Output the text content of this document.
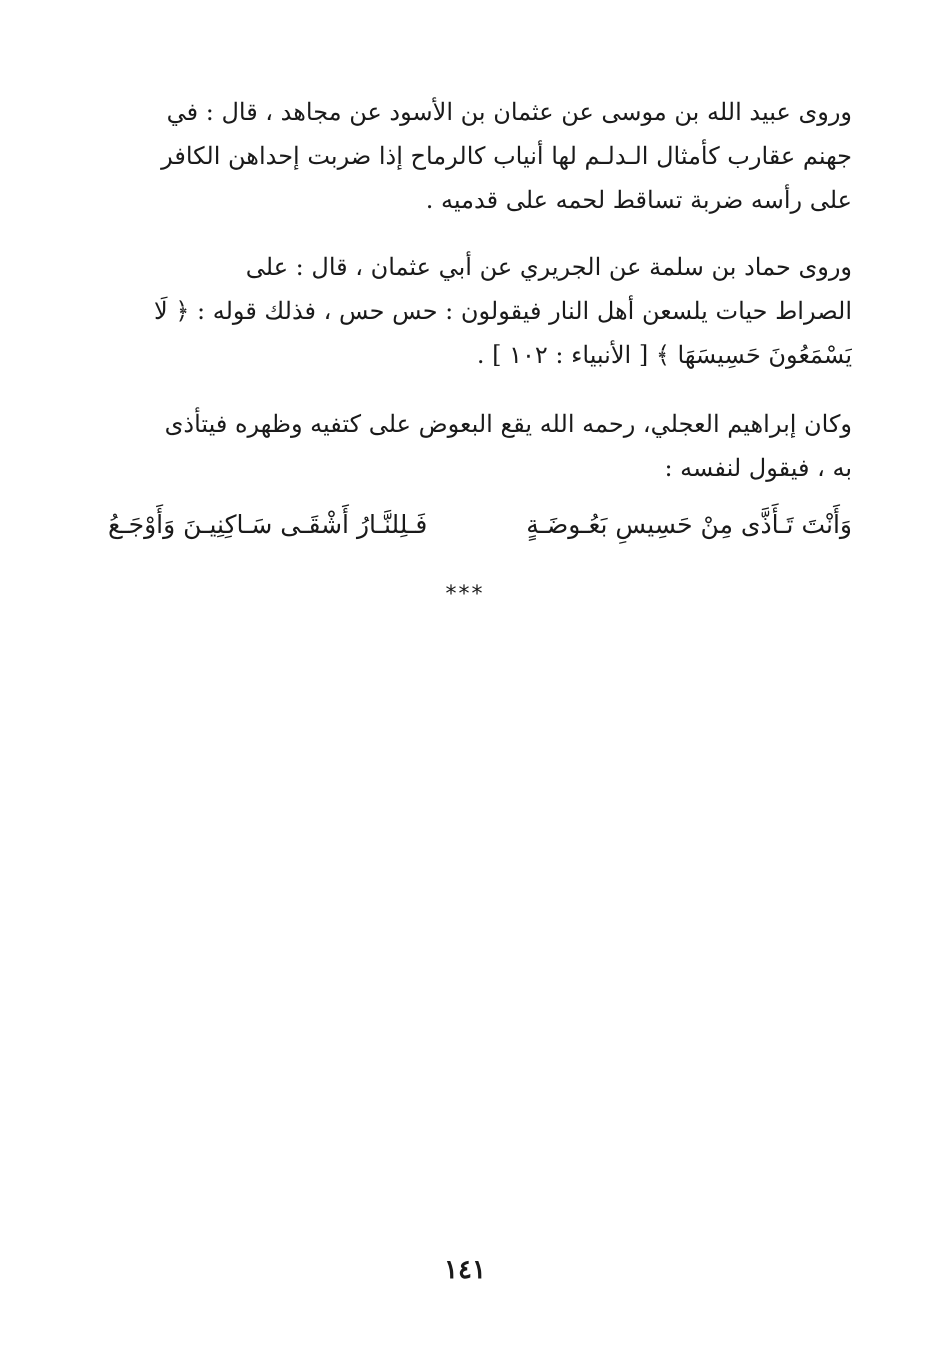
وروى عبيد الله بن موسى عن عثمان بن الأسود عن مجاهد ، قال : في
جهنم عقارب كأمثال الـدلـم لها أنياب كالرماح إذا ضربت إحداهن الكافر
على رأسه ضربة تساقط لحمه على قدميه .
وروى حماد بن سلمة عن الجريري عن أبي عثمان ، قال : على
الصراط حيات يلسعن أهل النار فيقولون : حس حس ، فذلك قوله : ﴿ لَا
يَسْمَعُونَ حَسِيسَهَا ﴾ [ الأنبياء : ١٠٢ ] .
وكان إبراهيم العجلي، رحمه الله يقع البعوض على كتفيه وظهره فيتأذى
به ، فيقول لنفسه :
وَأَنْتَ تَـأَذَّى مِنْ حَسِيسِ بَعُـوضَـةٍ
فَـلِلنَّـارُ أَشْقَـى سَـاكِنِيـنَ وَأَوْجَـعُ
***
١٤١
